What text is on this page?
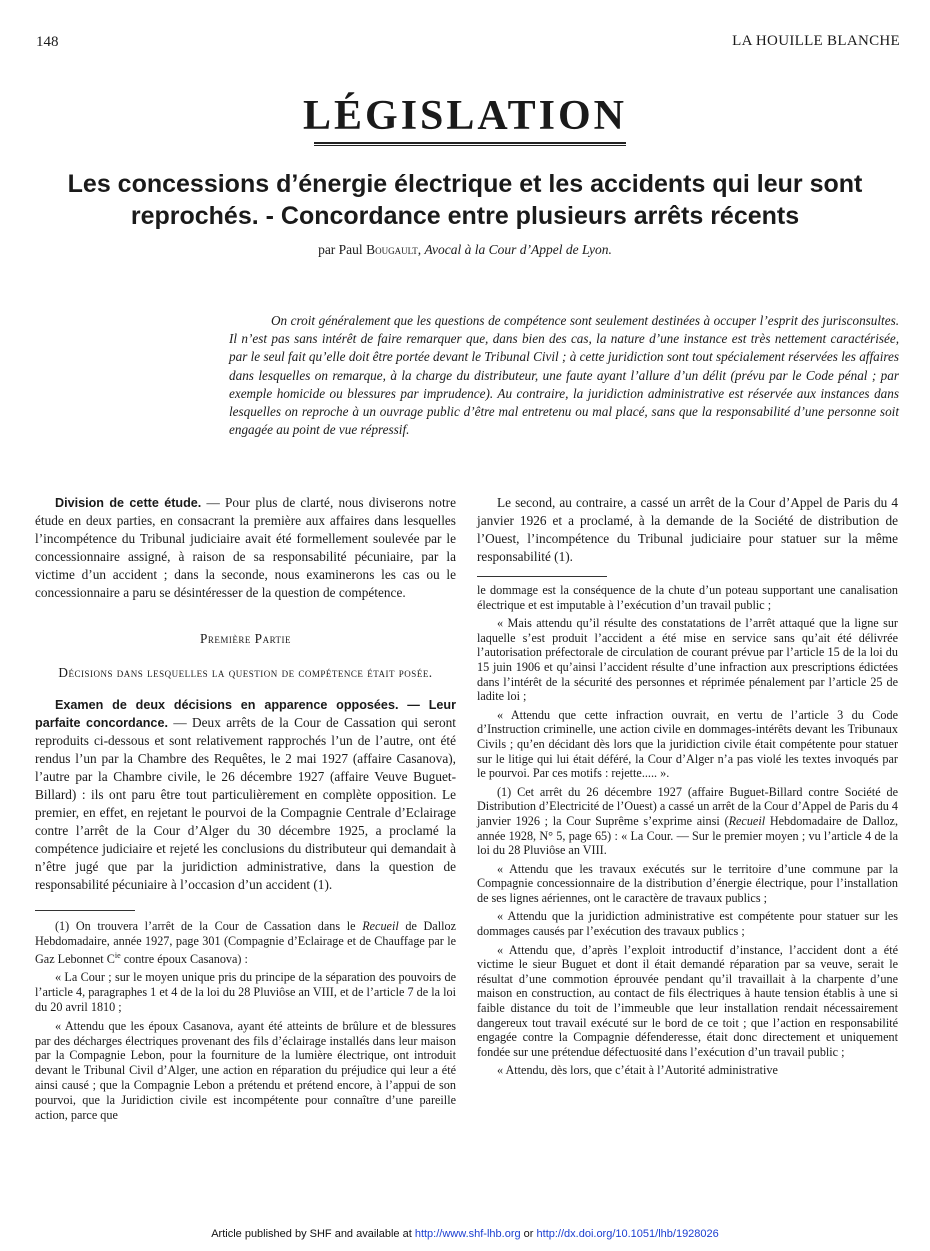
148	LA HOUILLE BLANCHE
LÉGISLATION
Les concessions d’énergie électrique et les accidents qui leur sont
reprochés. - Concordance entre plusieurs arrêts récents
par Paul Bougault, Avocal à la Cour d’Appel de Lyon.
On croit généralement que les questions de compétence sont seulement destinées à occuper l’esprit des jurisconsultes. Il n’est pas sans intérêt de faire remarquer que, dans bien des cas, la nature d’une instance est très nettement caractérisée, par le seul fait qu’elle doit être portée devant le Tribunal Civil ; à cette juridiction sont tout spécialement réservées les affaires dans lesquelles on remarque, à la charge du distributeur, une faute ayant l’allure d’un délit (prévu par le Code pénal ; par exemple homicide ou blessures par imprudence). Au contraire, la juridiction administrative est réservée aux instances dans lesquelles on reproche à un ouvrage public d’être mal entretenu ou mal placé, sans que la responsabilité d’une personne soit engagée au point de vue répressif.

Division de cette étude. — Pour plus de clarté, nous diviserons notre étude en deux parties, en consacrant la première aux affaires dans lesquelles l’incompétence du Tribunal judiciaire avait été formellement soulevée par le concessionnaire assigné, à raison de sa responsabilité pécuniaire, par la victime d’un accident ; dans la seconde, nous examinerons les cas ou le concessionnaire a paru se désintéresser de la question de compétence.

Première Partie

Décisions dans lesquelles la question de compétence était posée.

Examen de deux décisions en apparence opposées. — Leur parfaite concordance. — Deux arrêts de la Cour de Cassation qui seront reproduits ci-dessous et sont relativement rapprochés l’un de l’autre, ont été rendus l’un par la Chambre des Requêtes, le 2 mai 1927 (affaire Casanova), l’autre par la Chambre civile, le 26 décembre 1927 (affaire Veuve Buguet-Billard) : ils ont paru être tout particulièrement en complète opposition. Le premier, en effet, en rejetant le pourvoi de la Compagnie Centrale d’Eclairage contre l’arrêt de la Cour d’Alger du 30 décembre 1925, a proclamé la compétence judiciaire et rejeté les conclusions du distributeur qui demandait à n’être jugé que par la juridiction administrative, dans la question de responsabilité pécuniaire à l’occasion d’un accident (1).

(1) On trouvera l’arrêt de la Cour de Cassation dans le Recueil de Dalloz Hebdomadaire, année 1927, page 301 (Compagnie d’Eclairage et de Chauffage par le Gaz Lebonnet $C^{ie}$ contre époux Casanova) :

« La Cour ; sur le moyen unique pris du principe de la séparation des pouvoirs de l’article 4, paragraphes 1 et 4 de la loi du 28 Pluviôse an VIII, et de l’article 7 de la loi du 20 avril 1810 ;

« Attendu que les époux Casanova, ayant été atteints de brûlure et de blessures par des décharges électriques provenant des fils d’éclairage installés dans leur maison par la Compagnie Lebon, pour la fourniture de la lumière électrique, ont introduit devant le Tribunal Civil d’Alger, une action en réparation du préjudice qui leur a été ainsi causé ; que la Compagnie Lebon a prétendu et prétend encore, à l’appui de son pourvoi, que la Juridiction civile est incompétente pour connaître d’une pareille action, parce que

Le second, au contraire, a cassé un arrêt de la Cour d’Appel de Paris du 4 janvier 1926 et a proclamé, à la demande de la Société de distribution de l’Ouest, l’incompétence du Tribunal judiciaire pour statuer sur la même responsabilité (1).

le dommage est la conséquence de la chute d’un poteau supportant une canalisation électrique et est imputable à l’exécution d’un travail public ;

« Mais attendu qu’il résulte des constatations de l’arrêt attaqué que la ligne sur laquelle s’est produit l’accident a été mise en service sans qu’ait été délivrée l’autorisation préfectorale de circulation de courant prévue par l’article 15 de la loi du 15 juin 1906 et qu’ainsi l’accident résulte d’une infraction aux prescriptions édictées dans l’intérêt de la sécurité des personnes et réprimée pénalement par l’article 25 de ladite loi ;

« Attendu que cette infraction ouvrait, en vertu de l’article 3 du Code d’Instruction criminelle, une action civile en dommages-intérêts devant les Tribunaux Civils ; qu’en décidant dès lors que la juridiction civile était compétente pour statuer sur le litige qui lui était déféré, la Cour d’Alger n’a pas violé les textes invoqués par le pourvoi. Par ces motifs : rejette..... ».

(1) Cet arrêt du 26 décembre 1927 (affaire Buguet-Billard contre Société de Distribution d’Electricité de l’Ouest) a cassé un arrêt de la Cour d’Appel de Paris du 4 janvier 1926 ; la Cour Suprême s’exprime ainsi (Recueil Hebdomadaire de Dalloz, année 1928, N° 5, page 65) : « La Cour. — Sur le premier moyen ; vu l’article 4 de la loi du 28 Pluviôse an VIII.

« Attendu que les travaux exécutés sur le territoire d’une commune par la Compagnie concessionnaire de la distribution d’énergie électrique, pour l’installation de ses lignes aériennes, ont le caractère de travaux publics ;

« Attendu que la juridiction administrative est compétente pour statuer sur les dommages causés par l’exécution des travaux publics ;

« Attendu que, d’après l’exploit introductif d’instance, l’accident dont a été victime le sieur Buguet et dont il était demandé réparation par sa veuve, serait le résultat d’une commotion éprouvée pendant qu’il travaillait à la charpente d’une maison en construction, au contact de fils électriques à haute tension établis à une si faible distance du toit de l’immeuble que leur installation rendait nécessairement dangereux tout travail exécuté sur le bord de ce toit ; que l’action en responsabilité engagée contre la Compagnie défenderesse, était donc directement et uniquement fondée sur une prétendue défectuosité dans l’exécution d’un travail public ;

« Attendu, dès lors, que c’était à l’Autorité administrative

Article published by SHF and available at http://www.shf-lhb.org or http://dx.doi.org/10.1051/lhb/1928026
